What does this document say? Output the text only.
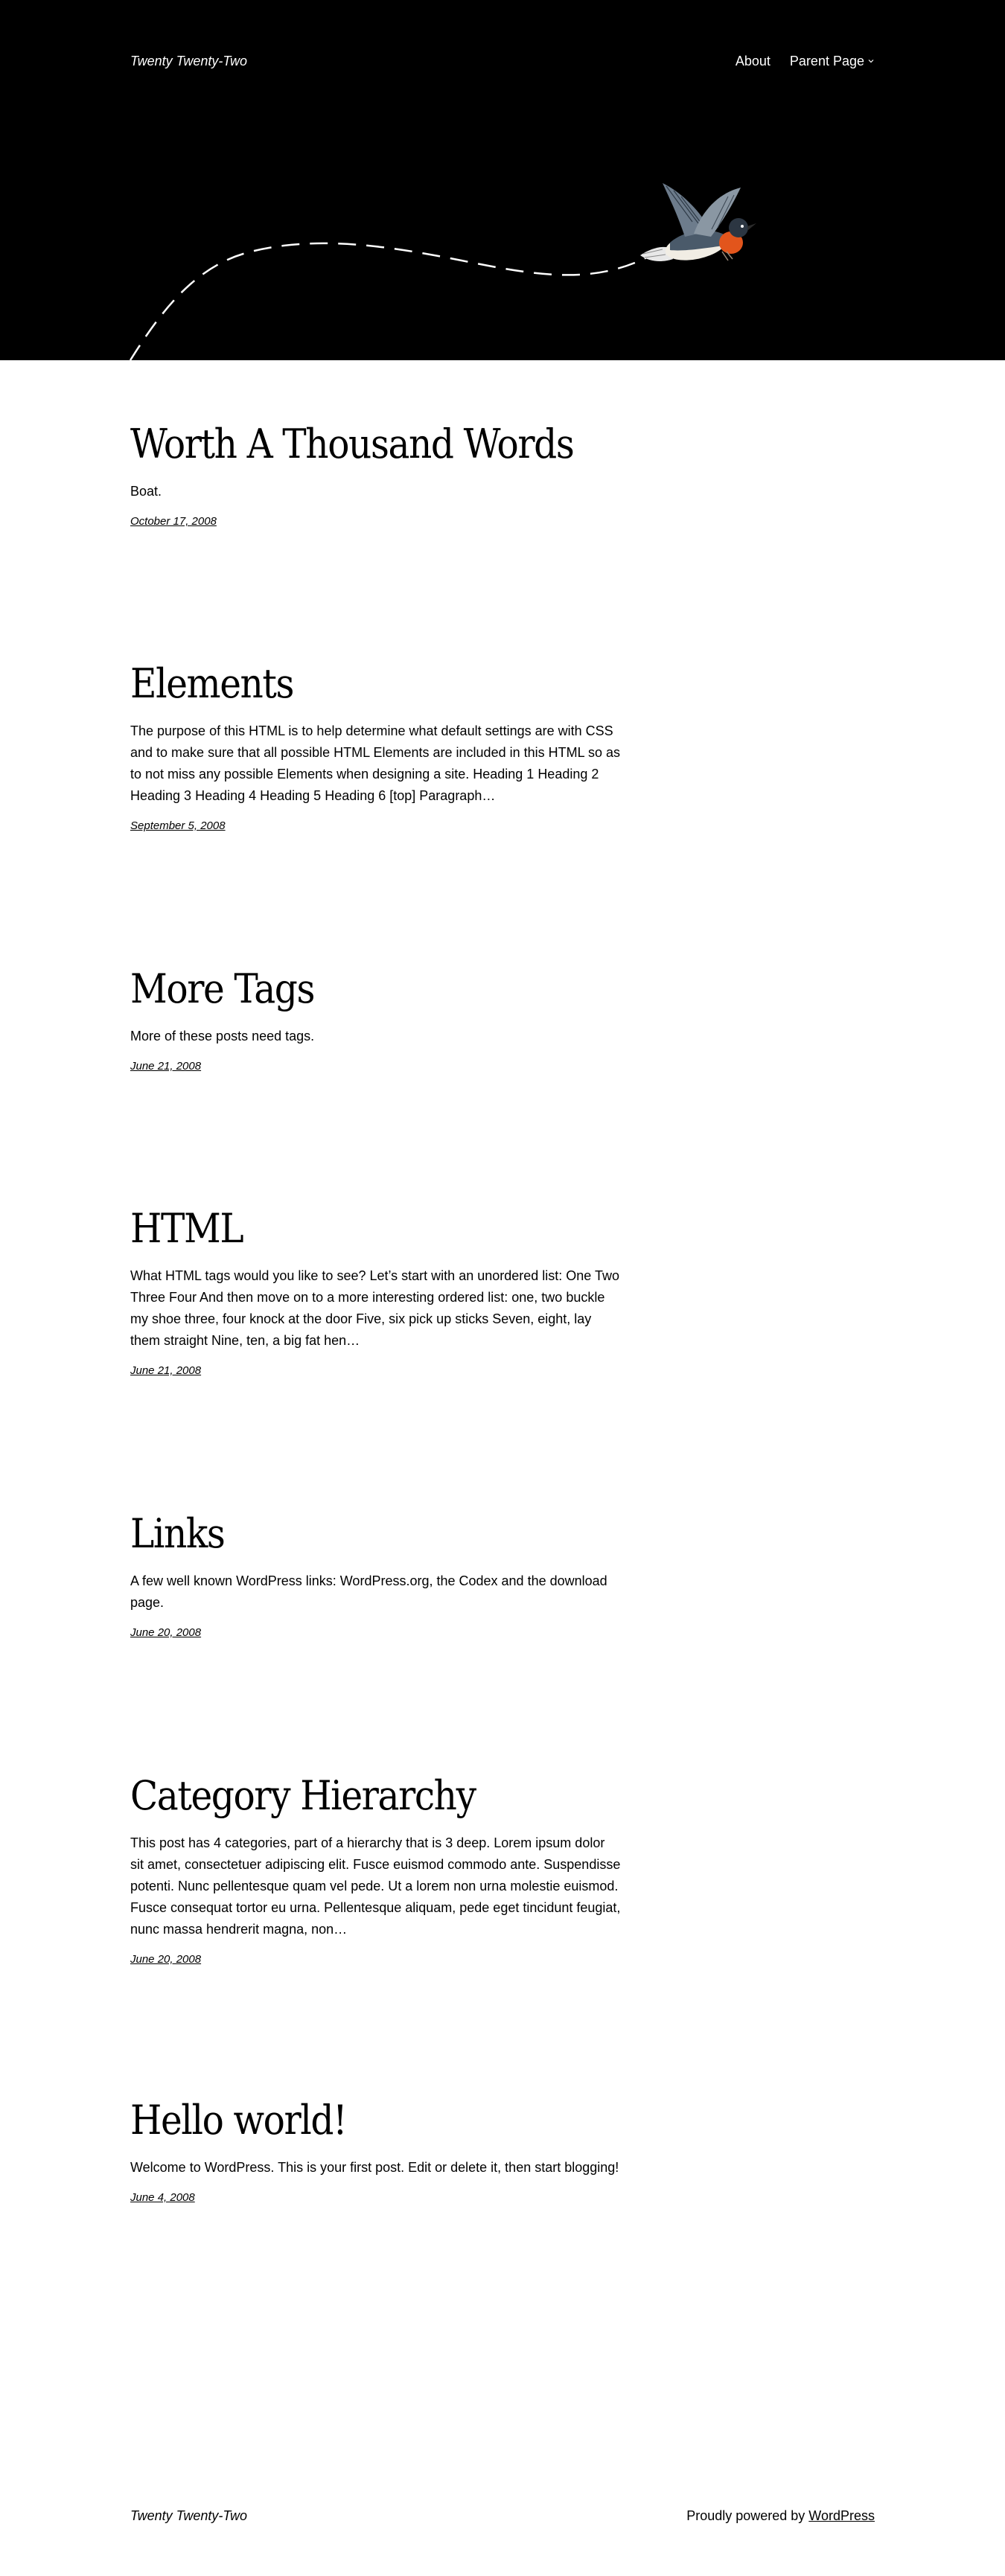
Twenty Twenty-Two	About Parent Page
Worth A Thousand Words

Boat.

October 17, 2008
Elements

The purpose of this HTML is to help determine what default settings are with CSS and to make sure that all possible HTML Elements are included in this HTML so as to not miss any possible Elements when designing a site. Heading 1 Heading 2 Heading 3 Heading 4 Heading 5 Heading 6 [top] Paragraph…

September 5, 2008
More Tags

More of these posts need tags.

June 21, 2008
HTML

What HTML tags would you like to see? Let’s start with an unordered list: One Two Three Four And then move on to a more interesting ordered list: one, two buckle my shoe three, four knock at the door Five, six pick up sticks Seven, eight, lay them straight Nine, ten, a big fat hen…

June 21, 2008
Links

A few well known WordPress links: WordPress.org, the Codex and the download page.

June 20, 2008
Category Hierarchy

This post has 4 categories, part of a hierarchy that is 3 deep. Lorem ipsum dolor sit amet, consectetuer adipiscing elit. Fusce euismod commodo ante. Suspendisse potenti. Nunc pellentesque quam vel pede. Ut a lorem non urna molestie euismod. Fusce consequat tortor eu urna. Pellentesque aliquam, pede eget tincidunt feugiat, nunc massa hendrerit magna, non…

June 20, 2008
Hello world!

Welcome to WordPress. This is your first post. Edit or delete it, then start blogging!

June 4, 2008
Twenty Twenty-Two	Proudly powered by WordPress
